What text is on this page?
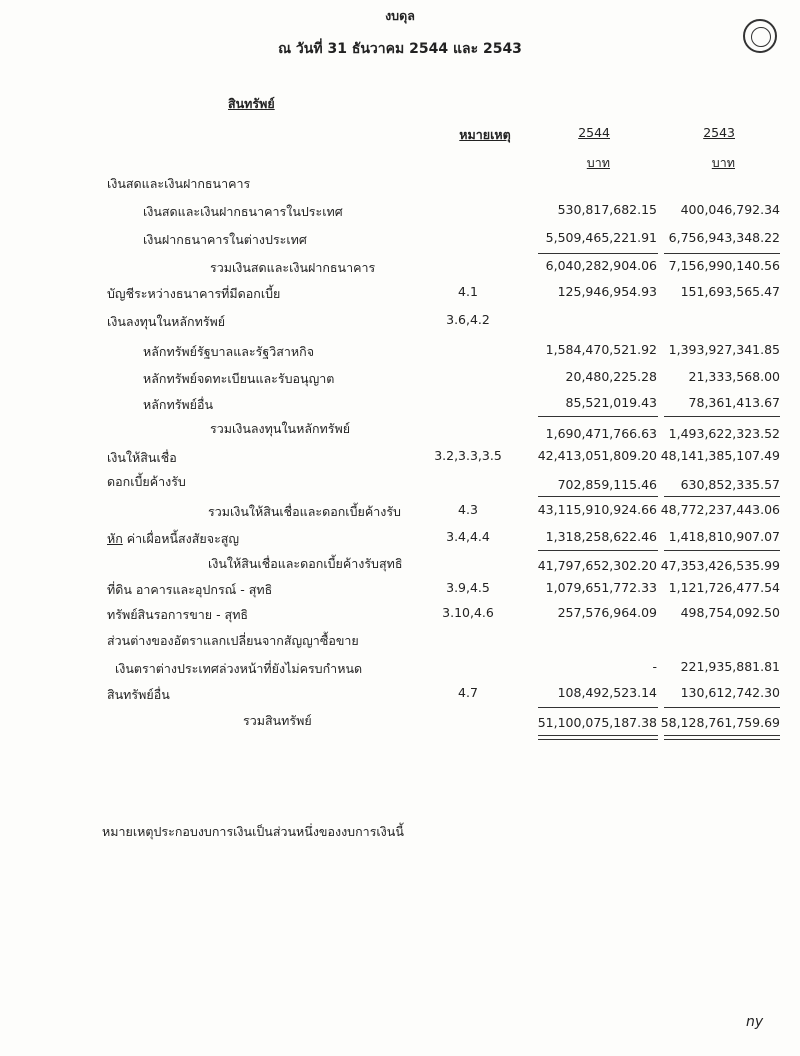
งบดุล
ณ วันที่ 31 ธันวาคม 2544 และ 2543
สินทรัพย์
หมายเหตุ	2544	2543
บาท	บาท
เงินสดและเงินฝากธนาคาร
เงินสดและเงินฝากธนาคารในประเทศ	530,817,682.15 400,046,792.34
เงินฝากธนาคารในต่างประเทศ	5,509,465,221.91 6,756,943,348.22
รวมเงินสดและเงินฝากธนาคาร	6,040,282,904.06 7,156,990,140.56
บัญชีระหว่างธนาคารที่มีดอกเบี้ย	4.1	125,946,954.93 151,693,565.47
เงินลงทุนในหลักทรัพย์	3.6,4.2
หลักทรัพย์รัฐบาลและรัฐวิสาหกิจ	1,584,470,521.92 1,393,927,341.85
หลักทรัพย์จดทะเบียนและรับอนุญาต	20,480,225.28	21,333,568.00
หลักทรัพย์อื่น	85,521,019.43	78,361,413.67
รวมเงินลงทุนในหลักทรัพย์	1,690,471,766.63 1,493,622,323.52
เงินให้สินเชื่อ	3.2,3.3,3.5	42,413,051,809.20 48,141,385,107.49
ดอกเบี้ยค้างรับ	702,859,115.46 630,852,335.57
รวมเงินให้สินเชื่อและดอกเบี้ยค้างรับ	4.3	43,115,910,924.66 48,772,237,443.06
หัก ค่าเผื่อหนี้สงสัยจะสูญ	3.4,4.4	1,318,258,622.46 1,418,810,907.07
เงินให้สินเชื่อและดอกเบี้ยค้างรับสุทธิ	41,797,652,302.20 47,353,426,535.99
ที่ดิน อาคารและอุปกรณ์ - สุทธิ	3.9,4.5	1,079,651,772.33 1,121,726,477.54
ทรัพย์สินรอการขาย - สุทธิ	3.10,4.6	257,576,964.09 498,754,092.50
ส่วนต่างของอัตราแลกเปลี่ยนจากสัญญาซื้อขาย
เงินตราต่างประเทศล่วงหน้าที่ยังไม่ครบกำหนด	- 221,935,881.81
สินทรัพย์อื่น	4.7	108,492,523.14 130,612,742.30
รวมสินทรัพย์	51,100,075,187.38 58,128,761,759.69
หมายเหตุประกอบงบการเงินเป็นส่วนหนึ่งของงบการเงินนี้
ny
